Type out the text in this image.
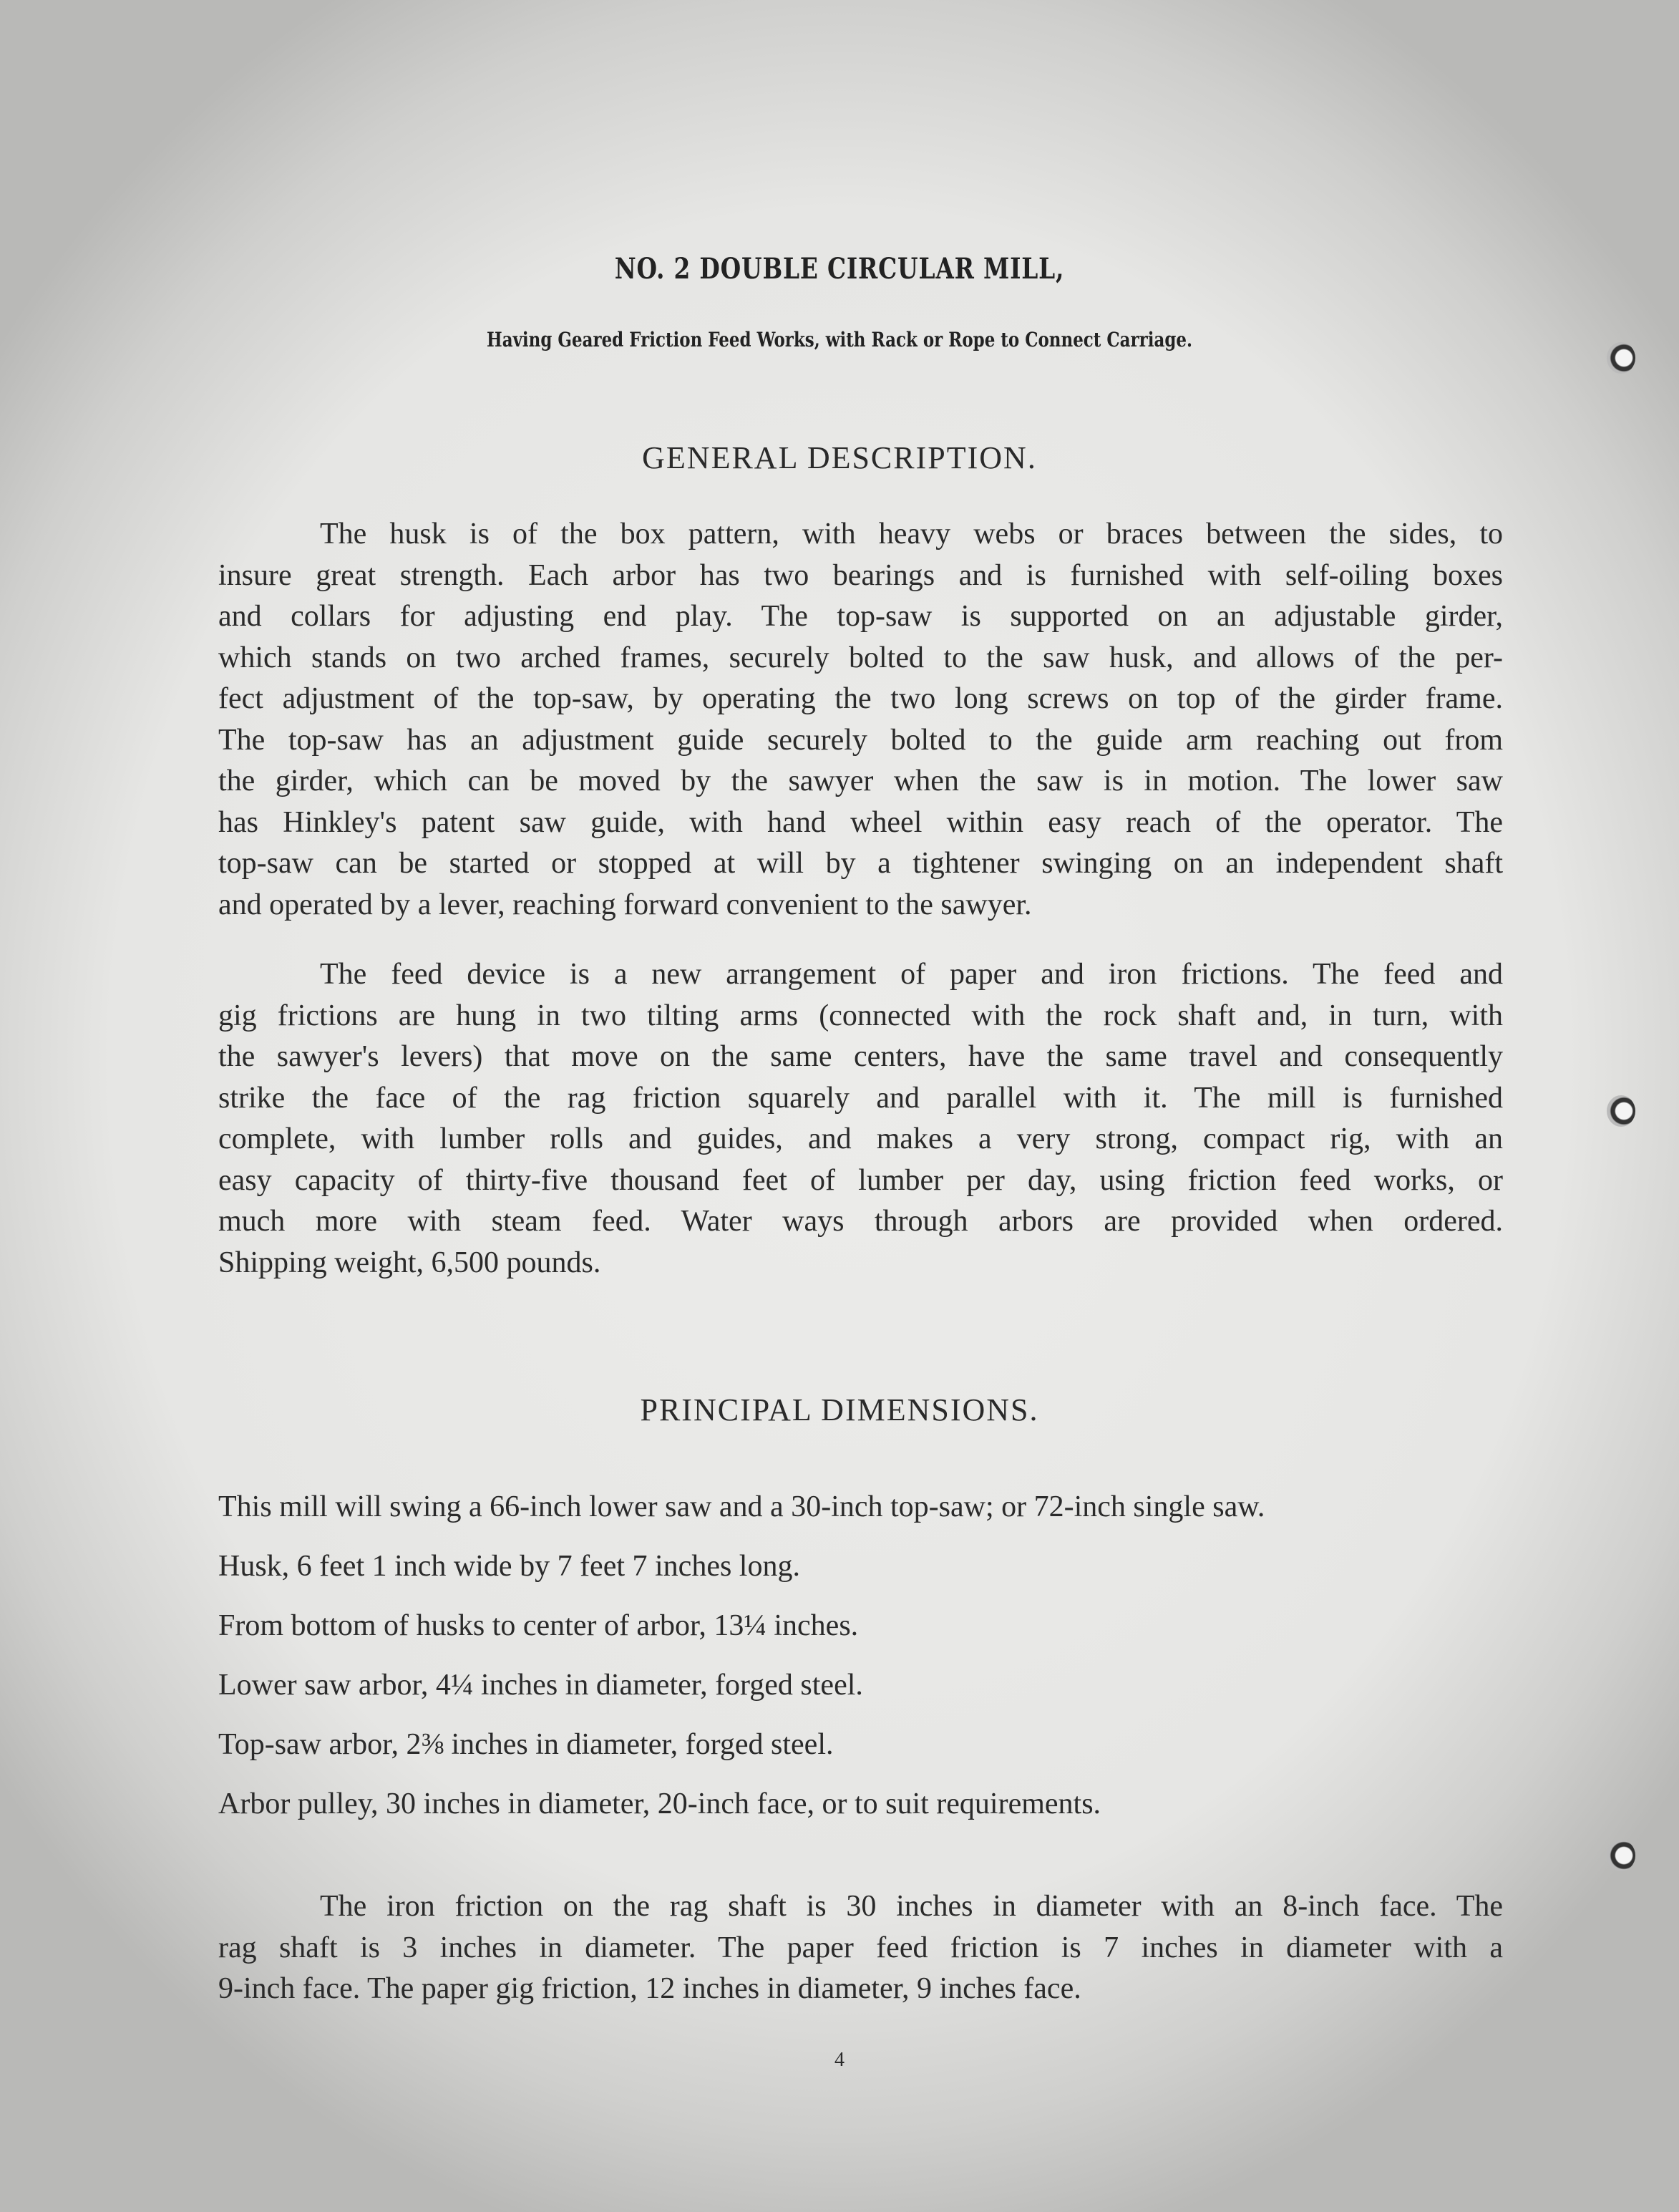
NO. 2 DOUBLE CIRCULAR MILL,
Having Geared Friction Feed Works, with Rack or Rope to Connect Carriage.
GENERAL DESCRIPTION.
The husk is of the box pattern, with heavy webs or braces between the sides, to
insure great strength. Each arbor has two bearings and is furnished with self-oiling boxes
and collars for adjusting end play. The top-saw is supported on an adjustable girder,
which stands on two arched frames, securely bolted to the saw husk, and allows of the per-
fect adjustment of the top-saw, by operating the two long screws on top of the girder frame.
The top-saw has an adjustment guide securely bolted to the guide arm reaching out from
the girder, which can be moved by the sawyer when the saw is in motion. The lower saw
has Hinkley's patent saw guide, with hand wheel within easy reach of the operator. The
top-saw can be started or stopped at will by a tightener swinging on an independent shaft
and operated by a lever, reaching forward convenient to the sawyer.
The feed device is a new arrangement of paper and iron frictions. The feed and
gig frictions are hung in two tilting arms (connected with the rock shaft and, in turn, with
the sawyer's levers) that move on the same centers, have the same travel and consequently
strike the face of the rag friction squarely and parallel with it. The mill is furnished
complete, with lumber rolls and guides, and makes a very strong, compact rig, with an
easy capacity of thirty-five thousand feet of lumber per day, using friction feed works, or
much more with steam feed. Water ways through arbors are provided when ordered.
Shipping weight, 6,500 pounds.
PRINCIPAL DIMENSIONS.
This mill will swing a 66-inch lower saw and a 30-inch top-saw; or 72-inch single saw.
Husk, 6 feet 1 inch wide by 7 feet 7 inches long.
From bottom of husks to center of arbor, 13¼ inches.
Lower saw arbor, 4¼ inches in diameter, forged steel.
Top-saw arbor, 2⅜ inches in diameter, forged steel.
Arbor pulley, 30 inches in diameter, 20-inch face, or to suit requirements.
The iron friction on the rag shaft is 30 inches in diameter with an 8-inch face. The
rag shaft is 3 inches in diameter. The paper feed friction is 7 inches in diameter with a
9-inch face. The paper gig friction, 12 inches in diameter, 9 inches face.
4
